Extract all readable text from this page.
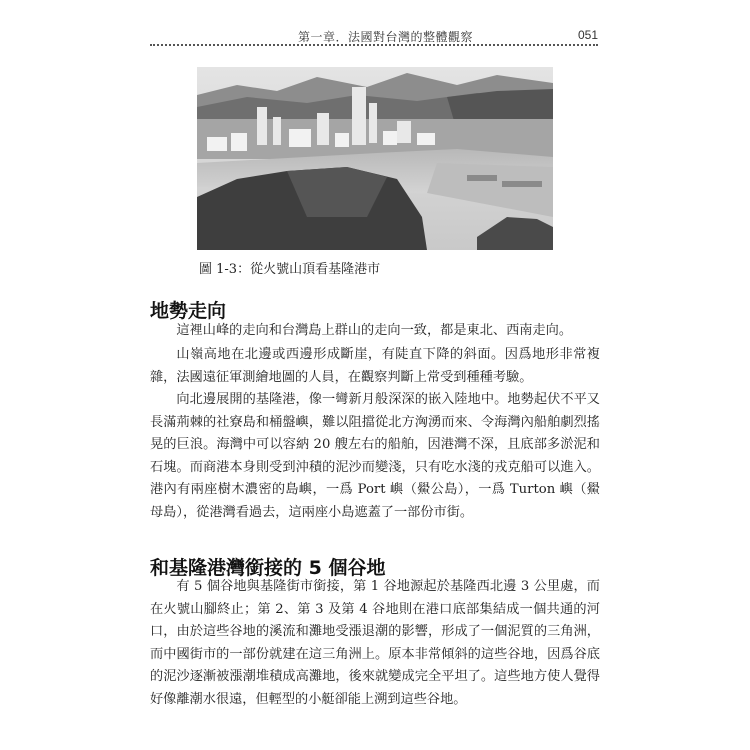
第一章．法國對台灣的整體觀察	051
圖 1-3：從火號山頂看基隆港市
地勢走向

這裡山峰的走向和台灣島上群山的走向一致，都是東北、西南走向。

山嶺高地在北邊或西邊形成斷崖，有陡直下降的斜面。因爲地形非常複雜，法國遠征軍測繪地圖的人員，在觀察判斷上常受到種種考驗。

向北邊展開的基隆港，像一彎新月般深深的嵌入陸地中。地勢起伏不平又長滿荊棘的社寮島和桶盤嶼，難以阻擋從北方洶湧而來、令海灣內船舶劇烈搖晃的巨浪。海灣中可以容納 20 艘左右的船舶，因港灣不深，且底部多淤泥和石塊。而商港本身則受到沖積的泥沙而變淺，只有吃水淺的戎克船可以進入。港內有兩座樹木濃密的島嶼，一爲 Port 嶼（鱟公島），一爲 Turton 嶼（鱟母島），從港灣看過去，這兩座小島遮蓋了一部份市街。

和基隆港灣銜接的 5 個谷地

有 5 個谷地與基隆街市銜接，第 1 谷地源起於基隆西北邊 3 公里處，而在火號山腳終止；第 2、第 3 及第 4 谷地則在港口底部集結成一個共通的河口，由於這些谷地的溪流和灘地受漲退潮的影響，形成了一個泥質的三角洲，而中國街市的一部份就建在這三角洲上。原本非常傾斜的這些谷地，因爲谷底的泥沙逐漸被漲潮堆積成高灘地，後來就變成完全平坦了。這些地方使人覺得好像離潮水很遠，但輕型的小艇卻能上溯到這些谷地。
